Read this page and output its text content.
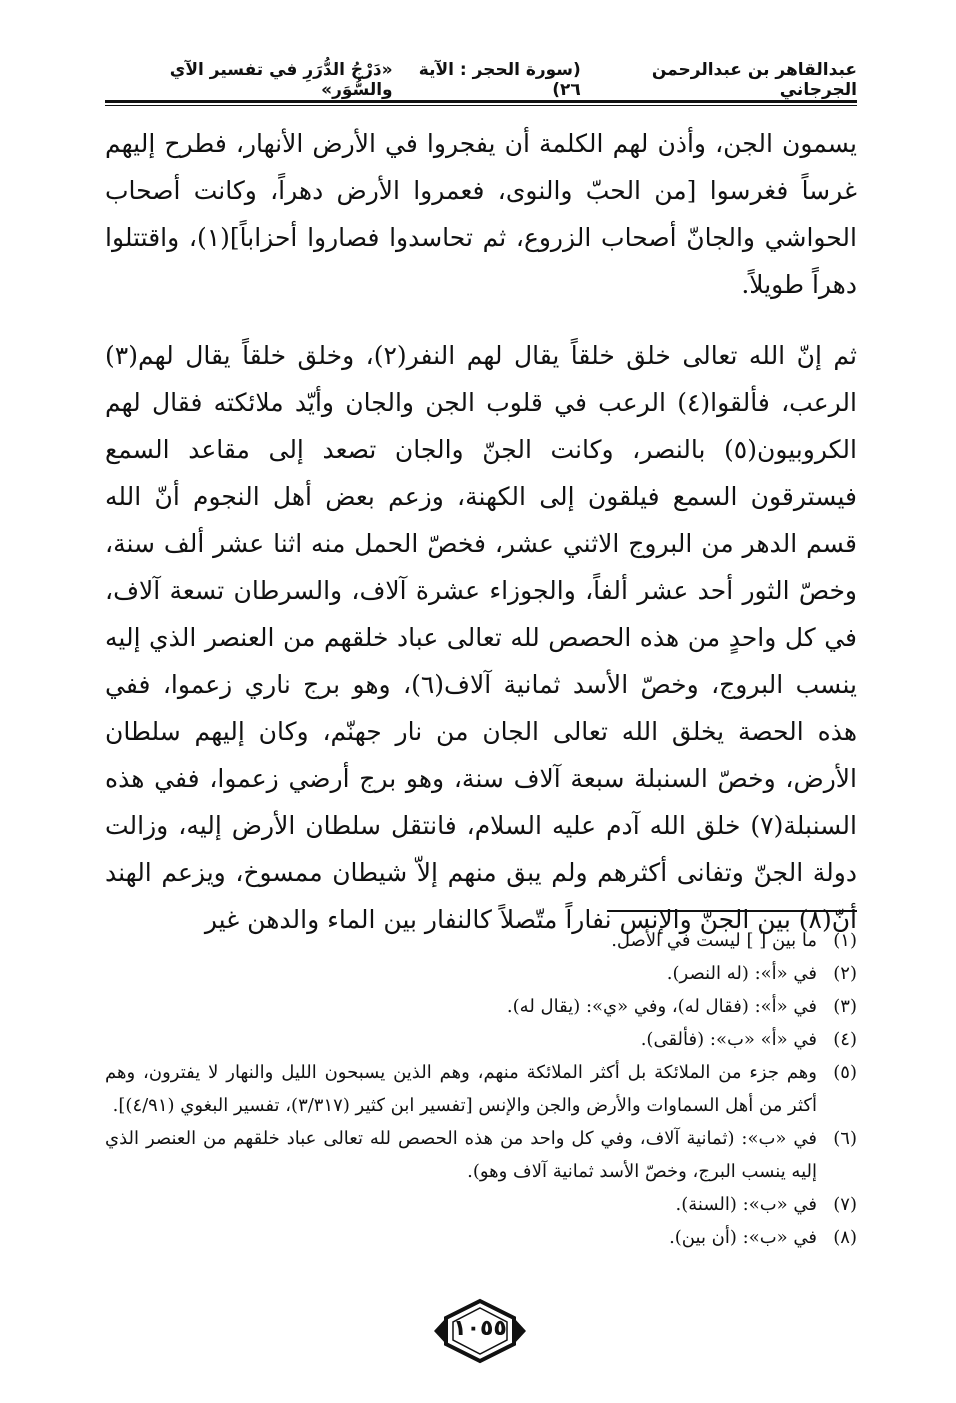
عبدالقاهر بن عبدالرحمن الجرجاني
(سورة الحجر : الآية ٢٦)
«دَرْجُ الدُّرَرِ في تفسير الآي والسُّوَر»

يسمون الجن، وأذن لهم الكلمة أن يفجروا في الأرض الأنهار، فطرح إليهم غرساً فغرسوا [من الحبّ والنوى، فعمروا الأرض دهراً، وكانت أصحاب الحواشي والجانّ أصحاب الزروع، ثم تحاسدوا فصاروا أحزاباً](١)، واقتتلوا دهراً طويلاً.

ثم إنّ الله تعالى خلق خلقاً يقال لهم النفر(٢)، وخلق خلقاً يقال لهم(٣) الرعب، فألقوا(٤) الرعب في قلوب الجن والجان وأيّد ملائكته فقال لهم الكروبيون(٥) بالنصر، وكانت الجنّ والجان تصعد إلى مقاعد السمع فيسترقون السمع فيلقون إلى الكهنة، وزعم بعض أهل النجوم أنّ الله قسم الدهر من البروج الاثني عشر، فخصّ الحمل منه اثنا عشر ألف سنة، وخصّ الثور أحد عشر ألفاً، والجوزاء عشرة آلاف، والسرطان تسعة آلاف، في كل واحدٍ من هذه الحصص لله تعالى عباد خلقهم من العنصر الذي إليه ينسب البروج، وخصّ الأسد ثمانية آلاف(٦)، وهو برج ناري زعموا، ففي هذه الحصة يخلق الله تعالى الجان من نار جهنّم، وكان إليهم سلطان الأرض، وخصّ السنبلة سبعة آلاف سنة، وهو برج أرضي زعموا، ففي هذه السنبلة(٧) خلق الله آدم عليه السلام، فانتقل سلطان الأرض إليه، وزالت دولة الجنّ وتفانى أكثرهم ولم يبق منهم إلاّ شيطان ممسوخ، ويزعم الهند أنّ(٨) بين الجنّ والإنس نفاراً متّصلاً كالنفار بين الماء والدهن غير

(١)
ما بين [ ] ليست في الأصل.
(٢)
في «أ»: (له النصر).
(٣)
في «أ»: (فقال له)، وفي «ي»: (يقال له).
(٤)
في «أ» «ب»: (فألقى).
(٥)
وهم جزء من الملائكة بل أكثر الملائكة منهم، وهم الذين يسبحون الليل والنهار لا يفترون، وهم أكثر من أهل السماوات والأرض والجن والإنس [تفسير ابن كثير (٣/٣١٧)، تفسير البغوي (٤/٩١)].
(٦)
في «ب»: (ثمانية آلاف، وفي كل واحد من هذه الحصص لله تعالى عباد خلقهم من العنصر الذي إليه ينسب البرج، وخصّ الأسد ثمانية آلاف وهو).
(٧)
في «ب»: (السنة).
(٨)
في «ب»: (أن بين).
١٠٥٥
